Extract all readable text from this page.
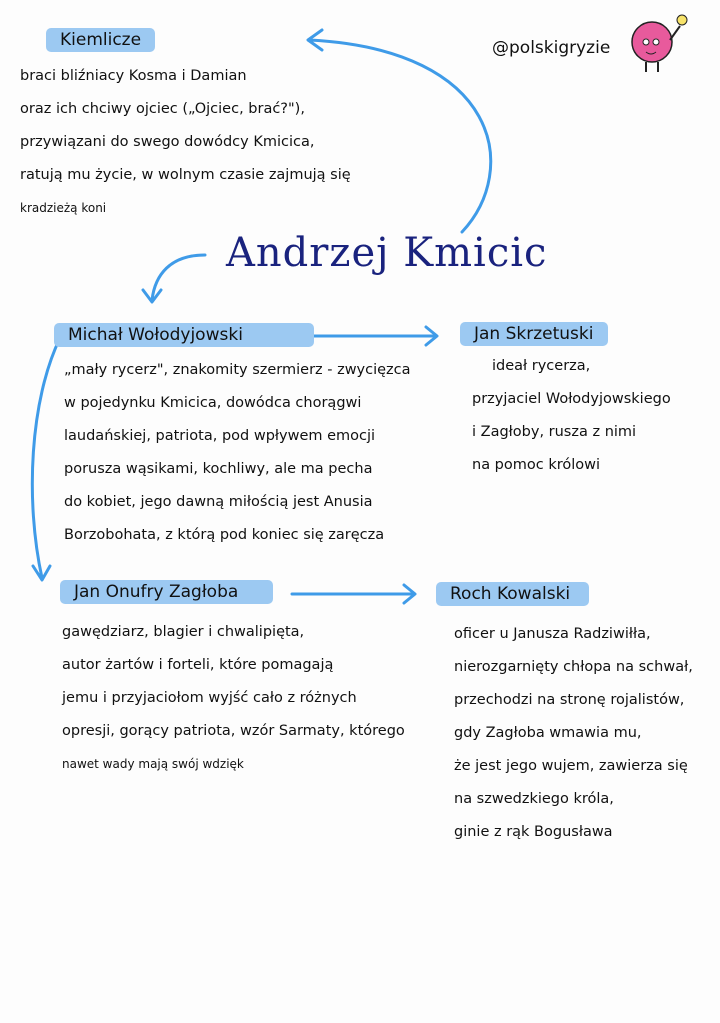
Andrzej Kmicic
@polskigryzie
Kiemlicze
braci bliźniacy Kosma i Damian
oraz ich chciwy ojciec („Ojciec, brać?"),
przywiązani do swego dowódcy Kmicica,
ratują mu życie, w wolnym czasie zajmują się
kradzieżą koni
Michał Wołodyjowski
„mały rycerz", znakomity szermierz - zwycięzca
w pojedynku Kmicica, dowódca chorągwi
laudańskiej, patriota, pod wpływem emocji
porusza wąsikami, kochliwy, ale ma pecha
do kobiet, jego dawną miłością jest Anusia
Borzobohata, z którą pod koniec się zaręcza
Jan Skrzetuski
ideał rycerza,
przyjaciel Wołodyjowskiego
i Zagłoby, rusza z nimi
na pomoc królowi
Jan Onufry Zagłoba
gawędziarz, blagier i chwalipięta,
autor żartów i forteli, które pomagają
jemu i przyjaciołom wyjść cało z różnych
opresji, gorący patriota, wzór Sarmaty, którego
nawet wady mają swój wdzięk
Roch Kowalski
oficer u Janusza Radziwiłła,
nierozgarnięty chłopa na schwał,
przechodzi na stronę rojalistów,
gdy Zagłoba wmawia mu,
że jest jego wujem, zawierza się
na szwedzkiego króla,
ginie z rąk Bogusława
